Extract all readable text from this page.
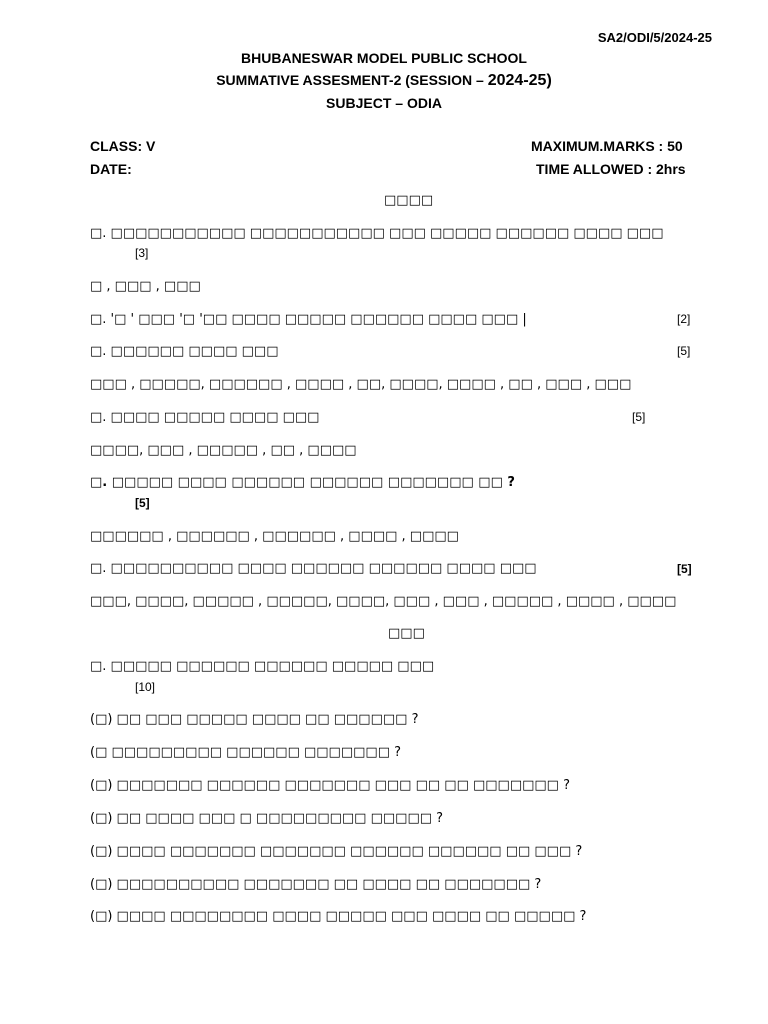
SA2/ODI/5/2024-25
BHUBANESWAR MODEL PUBLIC SCHOOL
SUMMATIVE ASSESMENT-2 (SESSION – 2024-25)
SUBJECT – ODIA
CLASS: V	MAXIMUM.MARKS : 50
DATE:	TIME ALLOWED : 2hrs
□□□□
□. □□□□□□□□□□□ □□□□□□□□□□□ □□□ □□□□□ □□□□□□ □□□□ □□□
[3]
□ , □□□ , □□□
□. '□ ' □□□ '□ '□□ □□□□ □□□□□ □□□□□□ □□□□ □□□ |	[2]
□. □□□□□□ □□□□ □□□	[5]
□□□ , □□□□□, □□□□□□ , □□□□ , □□, □□□□, □□□□ , □□ , □□□ , □□□
□. □□□□ □□□□□ □□□□ □□□	[5]
□□□□, □□□ , □□□□□ , □□ , □□□□
□. □□□□□ □□□□ □□□□□□ □□□□□□ □□□□□□□ □□ ?
[5]
□□□□□□ , □□□□□□ , □□□□□□ , □□□□ , □□□□
□. □□□□□□□□□□ □□□□ □□□□□□ □□□□□□ □□□□ □□□	[5]
□□□, □□□□, □□□□□ , □□□□□, □□□□, □□□ , □□□ , □□□□□ , □□□□ , □□□□
□□□
□. □□□□□ □□□□□□ □□□□□□ □□□□□ □□□
[10]
(□) □□ □□□ □□□□□ □□□□ □□ □□□□□□ ?
(□ □□□□□□□□□ □□□□□□ □□□□□□□ ?
(□) □□□□□□□ □□□□□□ □□□□□□□ □□□ □□ □□ □□□□□□□ ?
(□) □□ □□□□ □□□ □ □□□□□□□□□ □□□□□ ?
(□) □□□□ □□□□□□□ □□□□□□□ □□□□□□ □□□□□□ □□ □□□ ?
(□) □□□□□□□□□□ □□□□□□□ □□ □□□□ □□ □□□□□□□ ?
(□) □□□□ □□□□□□□□ □□□□ □□□□□ □□□ □□□□ □□ □□□□□ ?
